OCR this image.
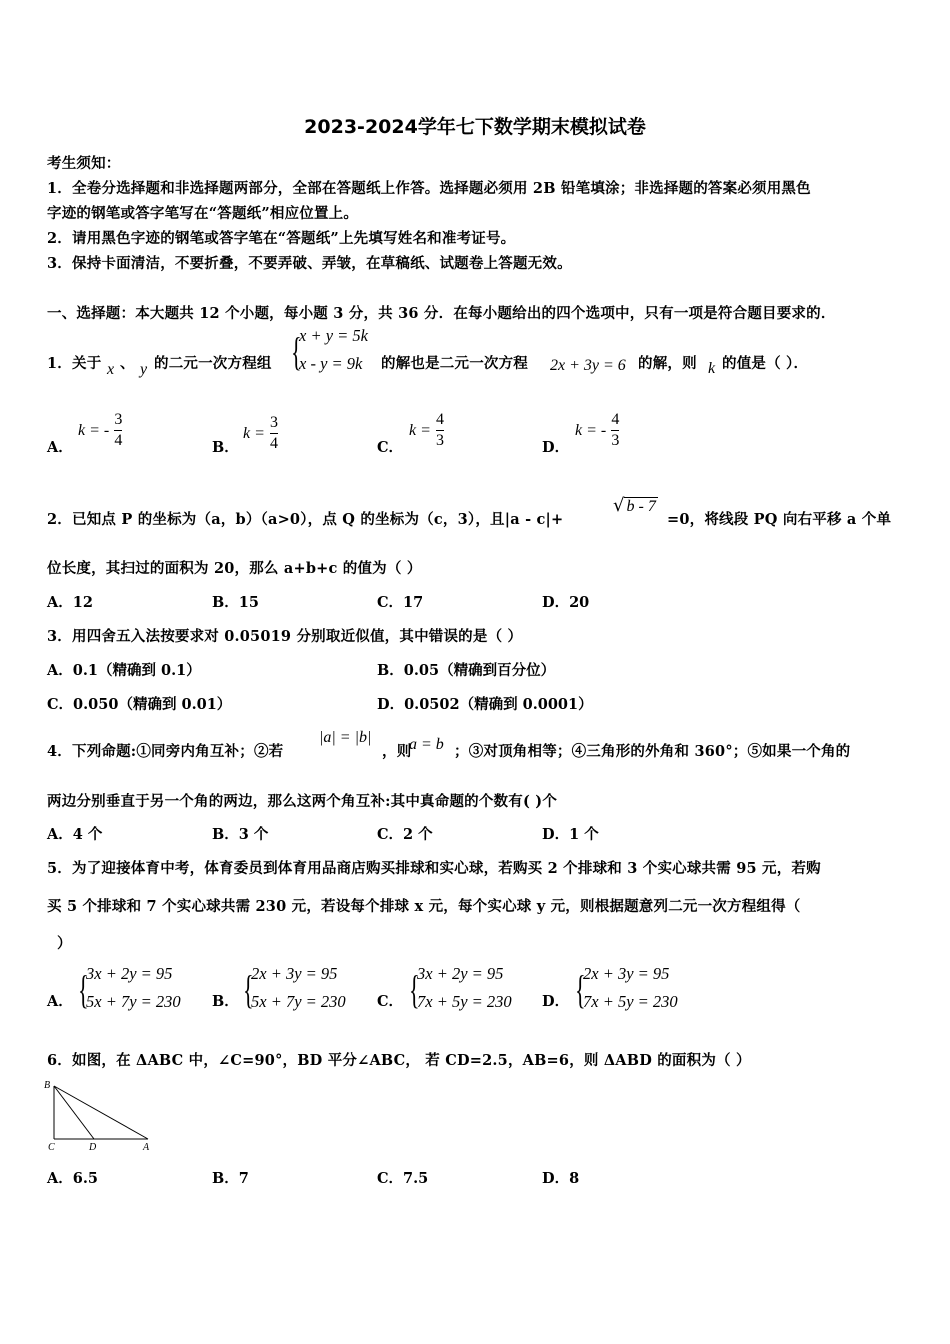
2023-2024学年七下数学期末模拟试卷
考生须知：
1．全卷分选择题和非选择题两部分，全部在答题纸上作答。选择题必须用 2B 铅笔填涂；非选择题的答案必须用黑色
字迹的钢笔或答字笔写在“答题纸”相应位置上。
2．请用黑色字迹的钢笔或答字笔在“答题纸”上先填写姓名和准考证号。
3．保持卡面清洁，不要折叠，不要弄破、弄皱，在草稿纸、试题卷上答题无效。
一、选择题：本大题共 12 个小题，每小题 3 分，共 36 分．在每小题给出的四个选项中，只有一项是符合题目要求的．
1．关于 x 、 y 的二元一次方程组 {
x + y = 5k
x - y = 9k 的解也是二元一次方程 2x + 3y = 6 的解，则 k 的值是（ ）．
A．
k = - $\frac{3}{4}$	B．
$k = \frac{3}{4}$	C．
$k = \frac{4}{3}$	D．
k = - $\frac{4}{3}$
2．已知点 P 的坐标为（a，b）（a>0），点 Q 的坐标为（c，3），且|a - c|+
√ b - 7
=0，将线段 PQ 向右平移 a 个单
位长度，其扫过的面积为 20，那么 a+b+c 的值为（ ）
A．12	B．15	C．17	D．20
3．用四舍五入法按要求对 0.05019 分别取近似值，其中错误的是（ ）
A．0.1（精确到 0.1）	B．0.05（精确到百分位）
C．0.050（精确到 0.01）	D．0.0502（精确到 0.0001）
4．下列命题:①同旁内角互补；②若
|a| = |b|
，则
a = b ；③对顶角相等；④三角形的外角和 360°；⑤如果一个角的
两边分别垂直于另一个角的两边，那么这两个角互补:其中真命题的个数有( )个
A．4 个	B．3 个	C．2 个	D．1 个
5．为了迎接体育中考，体育委员到体育用品商店购买排球和实心球，若购买 2 个排球和 3 个实心球共需 95 元，若购
买 5 个排球和 7 个实心球共需 230 元，若设每个排球 x 元，每个实心球 y 元，则根据题意列二元一次方程组得（
）
A． {
3x + 2y = 95
5x + 7y = 230 B． {
2x + 3y = 95
5x + 7y = 230 C． {
3x + 2y = 95
7x + 5y = 230 D． {
2x + 3y = 95
7x + 5y = 230
6．如图，在 ΔABC 中，∠C=90°，BD 平分∠ABC， 若 CD=2.5，AB=6，则 ΔABD 的面积为（ ）
B
C	D	A
A．6.5	B．7	C．7.5	D．8
